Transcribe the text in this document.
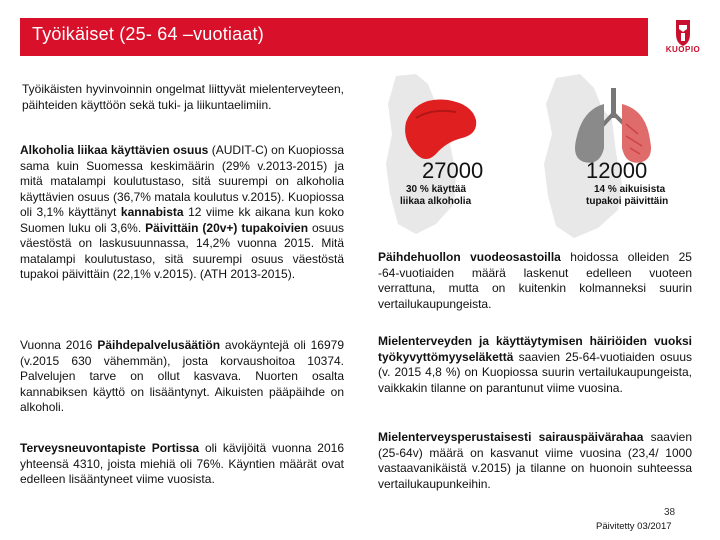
Työikäiset (25- 64 –vuotiaat)
KUOPIO
Työikäisten hyvinvoinnin ongelmat liittyvät mielenterveyteen, päihteiden käyttöön sekä tuki- ja liikuntaelimiin.
Alkoholia liikaa käyttävien osuus (AUDIT-C) on Kuopiossa sama kuin Suomessa keskimäärin (29% v.2013-2015) ja mitä matalampi koulutustaso, sitä suurempi on alkoholia käyttävien osuus (36,7% matala koulutus v.2015). Kuopiossa oli 3,1% käyttänyt kannabista 12 viime kk aikana kun koko Suomen luku oli 3,6%. Päivittäin (20v+) tupakoivien osuus väestöstä on laskusuunnassa, 14,2% vuonna 2015. Mitä matalampi koulutustaso, sitä suurempi osuus väestöstä tupakoi päivittäin (22,1% v.2015). (ATH 2013-2015).
Vuonna 2016 Päihdepalvelusäätiön avokäyntejä oli 16979 (v.2015 630 vähemmän), josta korvaushoitoa 10374. Palvelujen tarve on ollut kasvava. Nuorten osalta kannabiksen käyttö on lisääntynyt. Aikuisten pääpäihde on alkoholi.
Terveysneuvontapiste Portissa oli kävijöitä vuonna 2016 yhteensä 4310, joista miehiä oli 76%. Käyntien määrät ovat edelleen lisääntyneet viime vuosista.
27000
30 % käyttää
liikaa alkoholia
12000
14 % aikuisista
tupakoi päivittäin
Päihdehuollon vuodeosastoilla hoidossa olleiden 25 -64-vuotiaiden määrä laskenut edelleen vuoteen verrattuna, mutta on kuitenkin kolmanneksi suurin vertailukaupungeista.
Mielenterveyden ja käyttäytymisen häiriöiden vuoksi työkyvyttömyyseläkettä saavien 25-64-vuotiaiden osuus (v. 2015 4,8 %) on Kuopiossa suurin vertailukaupungeista, vaikkakin tilanne on parantunut viime vuosina.
Mielenterveysperustaisesti sairauspäivärahaa saavien (25-64v) määrä on kasvanut viime vuosina (23,4/ 1000 vastaavanikäistä v.2015) ja tilanne on huonoin suhteessa vertailukaupunkeihin.
38
Päivitetty 03/2017
